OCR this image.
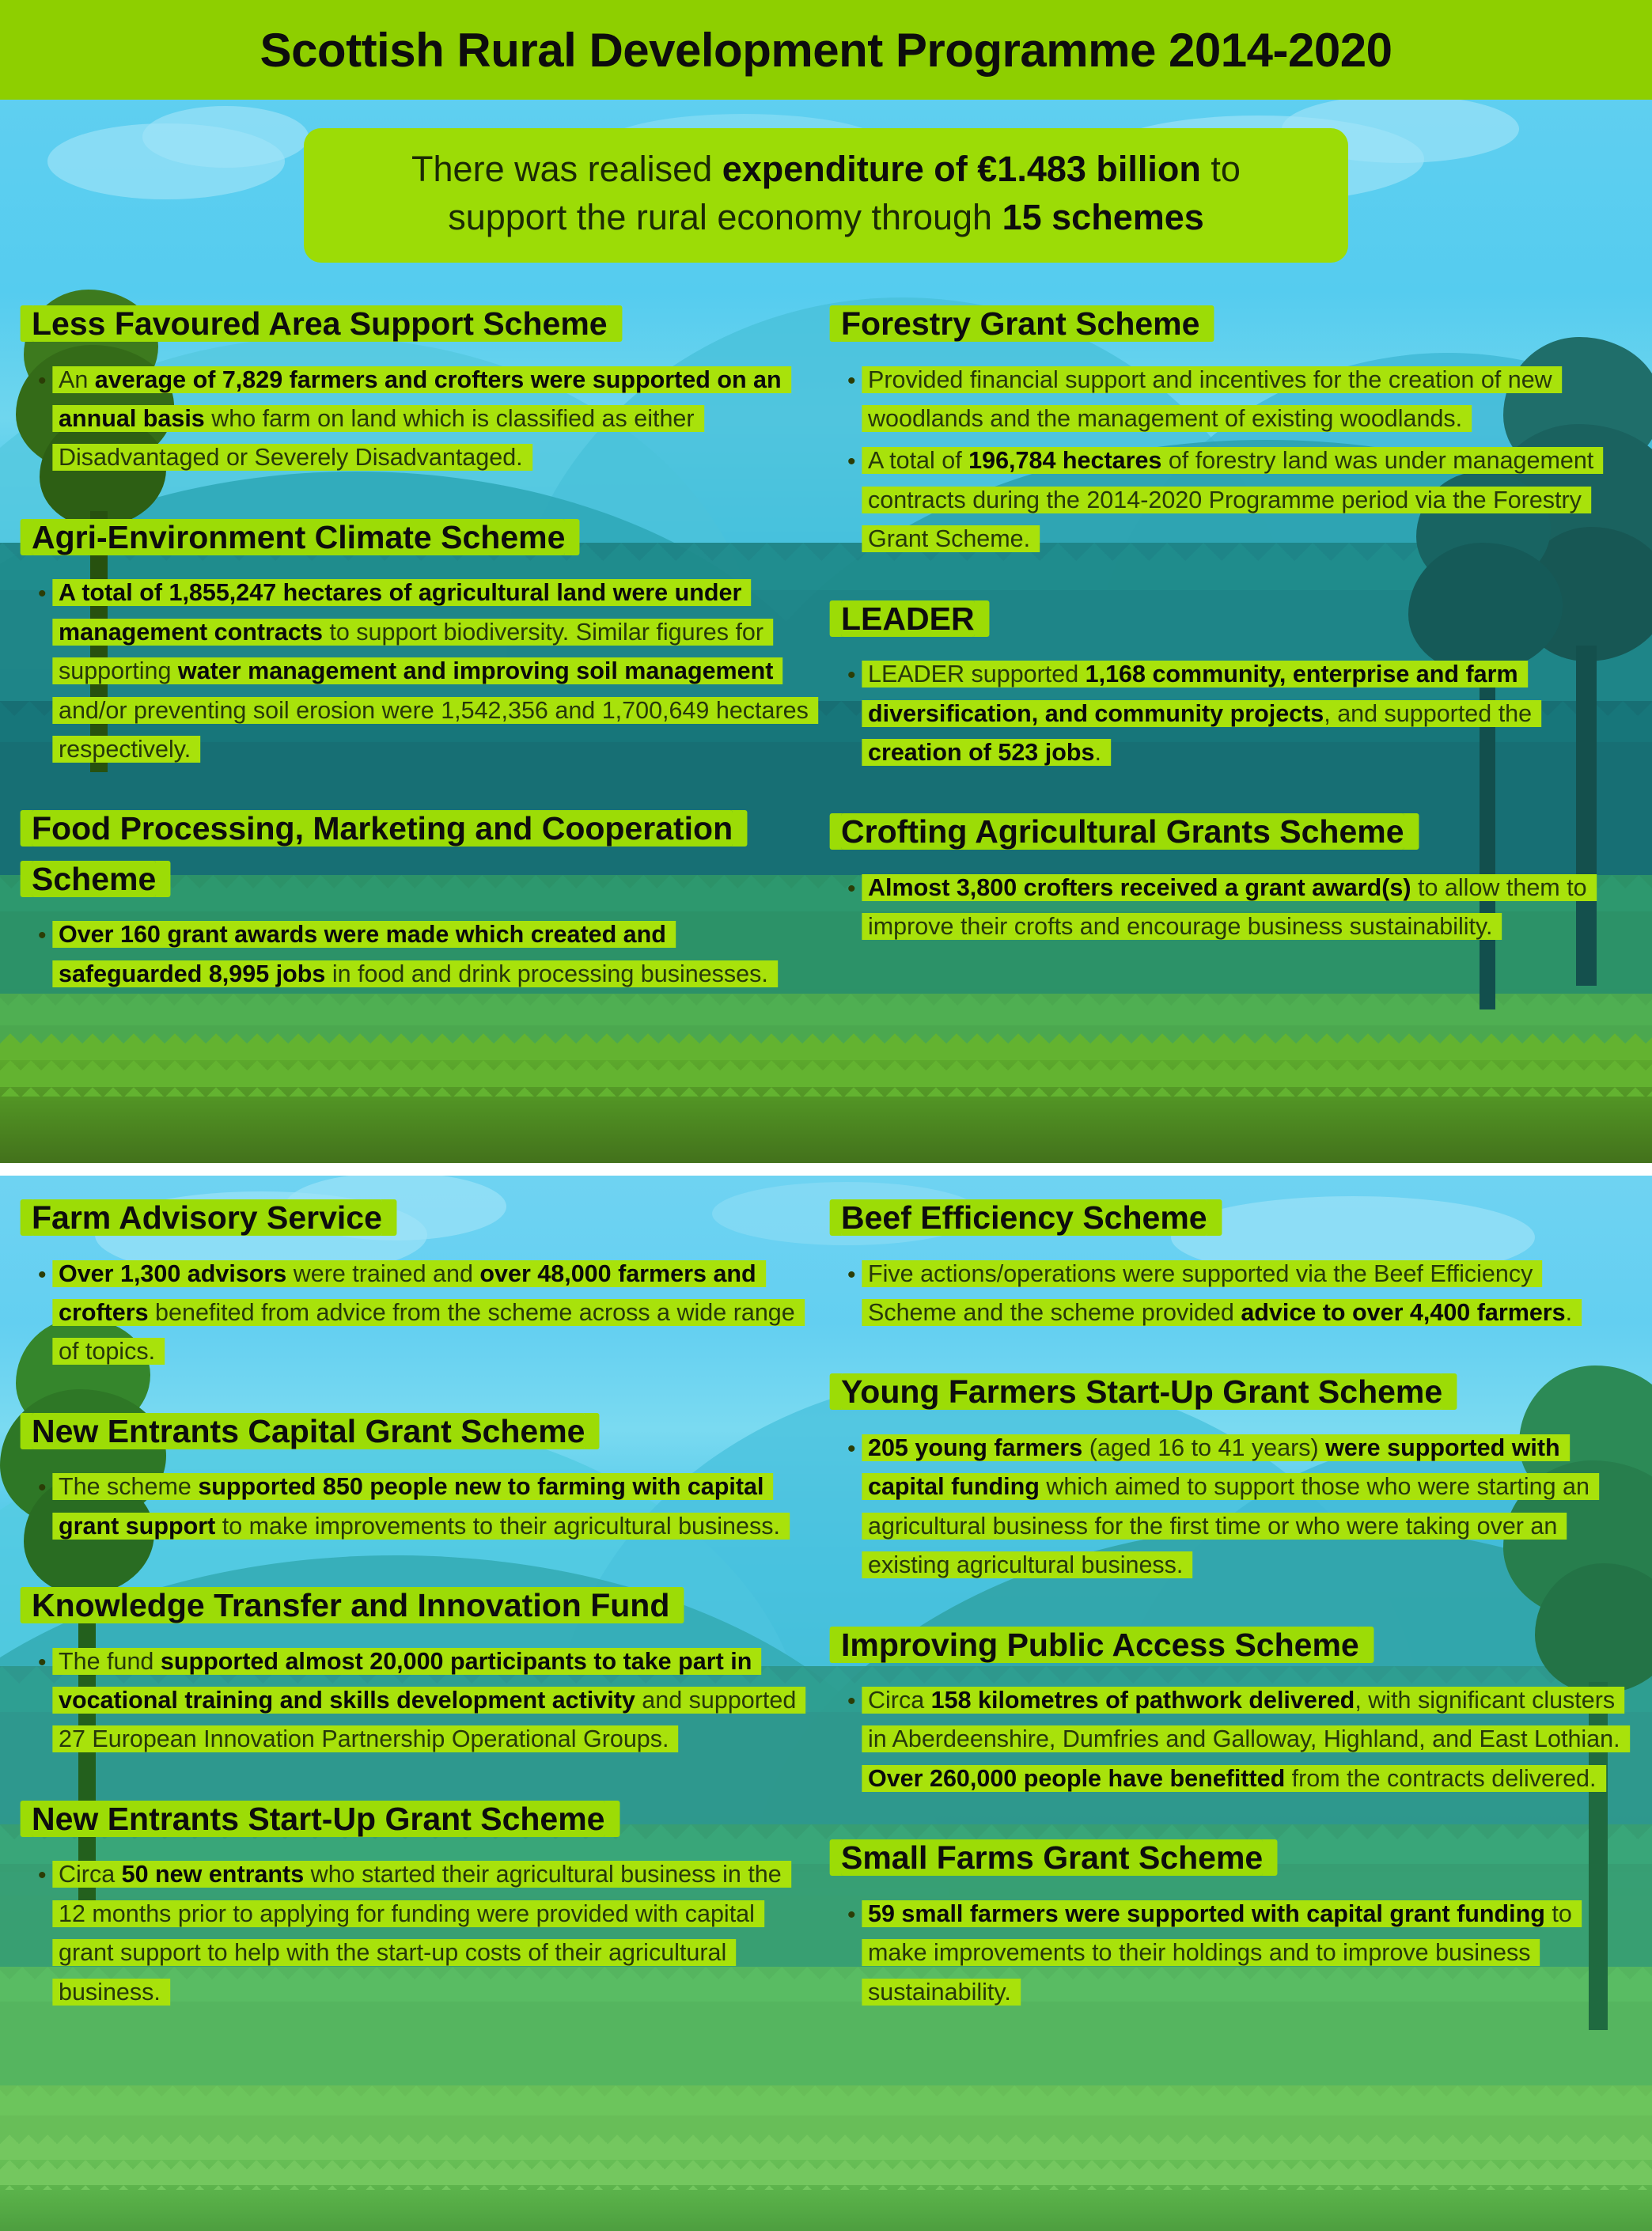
Scottish Rural Development Programme 2014-2020

There was realised expenditure of €1.483 billion to

support the rural economy through 15 schemes

Less Favoured Area Support Scheme
• An average of 7,829 farmers and crofters were supported on an annual basis who farm on land which is classified as either Disadvantaged or Severely Disadvantaged.
Agri-Environment Climate Scheme
• A total of 1,855,247 hectares of agricultural land were under management contracts to support biodiversity. Similar figures for supporting water management and improving soil management and/or preventing soil erosion were 1,542,356 and 1,700,649 hectares respectively.
Food Processing, Marketing and Cooperation Scheme
• Over 160 grant awards were made which created and safeguarded 8,995 jobs in food and drink processing businesses.
Forestry Grant Scheme
• Provided financial support and incentives for the creation of new woodlands and the management of existing woodlands.
• A total of 196,784 hectares of forestry land was under management contracts during the 2014-2020 Programme period via the Forestry Grant Scheme.
LEADER
• LEADER supported 1,168 community, enterprise and farm diversification, and community projects, and supported the creation of 523 jobs.
Crofting Agricultural Grants Scheme
• Almost 3,800 crofters received a grant award(s) to allow them to improve their crofts and encourage business sustainability.
Farm Advisory Service
• Over 1,300 advisors were trained and over 48,000 farmers and crofters benefited from advice from the scheme across a wide range of topics.
New Entrants Capital Grant Scheme
• The scheme supported 850 people new to farming with capital grant support to make improvements to their agricultural business.
Knowledge Transfer and Innovation Fund
• The fund supported almost 20,000 participants to take part in vocational training and skills development activity and supported 27 European Innovation Partnership Operational Groups.
New Entrants Start-Up Grant Scheme
• Circa 50 new entrants who started their agricultural business in the 12 months prior to applying for funding were provided with capital grant support to help with the start-up costs of their agricultural business.
Beef Efficiency Scheme
• Five actions/operations were supported via the Beef Efficiency Scheme and the scheme provided advice to over 4,400 farmers.
Young Farmers Start-Up Grant Scheme
• 205 young farmers (aged 16 to 41 years) were supported with capital funding which aimed to support those who were starting an agricultural business for the first time or who were taking over an existing agricultural business.
Improving Public Access Scheme
• Circa 158 kilometres of pathwork delivered, with significant clusters in Aberdeenshire, Dumfries and Galloway, Highland, and East Lothian. Over 260,000 people have benefitted from the contracts delivered.
Small Farms Grant Scheme
• 59 small farmers were supported with capital grant funding to make improvements to their holdings and to improve business sustainability.
